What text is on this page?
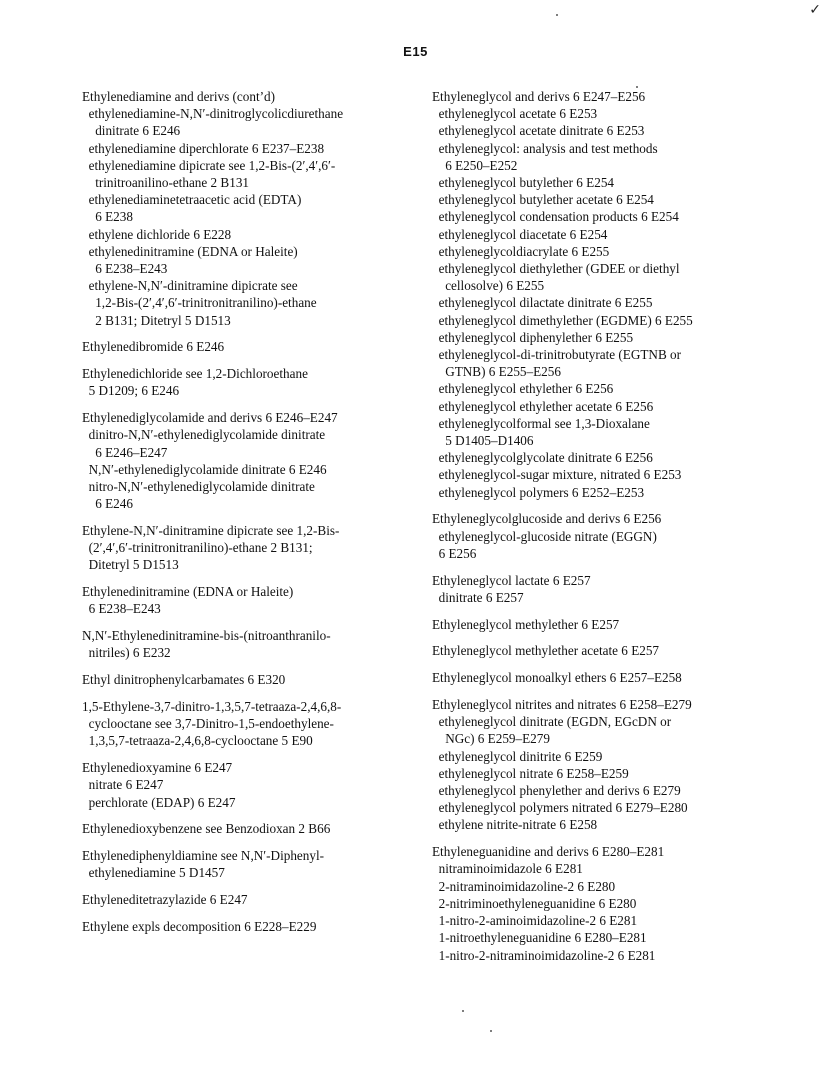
✓
E15
Ethylenediamine and derivs (cont’d)
ethylenediamine-N,N′-dinitroglycolicdiurethane
dinitrate 6 E246
ethylenediamine diperchlorate 6 E237–E238
ethylenediamine dipicrate see 1,2-Bis-(2′,4′,6′-
trinitroanilino-ethane 2 B131
ethylenediaminetetraacetic acid (EDTA)
6 E238
ethylene dichloride 6 E228
ethylenedinitramine (EDNA or Haleite)
6 E238–E243
ethylene-N,N′-dinitramine dipicrate see
1,2-Bis-(2′,4′,6′-trinitronitranilino)-ethane
2 B131; Ditetryl 5 D1513
Ethylenedibromide 6 E246
Ethylenedichloride see 1,2-Dichloroethane
5 D1209; 6 E246
Ethylenediglycolamide and derivs 6 E246–E247
dinitro-N,N′-ethylenediglycolamide dinitrate
6 E246–E247
N,N′-ethylenediglycolamide dinitrate 6 E246
nitro-N,N′-ethylenediglycolamide dinitrate
6 E246
Ethylene-N,N′-dinitramine dipicrate see 1,2-Bis-
(2′,4′,6′-trinitronitranilino)-ethane 2 B131;
Ditetryl 5 D1513
Ethylenedinitramine (EDNA or Haleite)
6 E238–E243
N,N′-Ethylenedinitramine-bis-(nitroanthranilo-
nitriles) 6 E232
Ethyl dinitrophenylcarbamates 6 E320
1,5-Ethylene-3,7-dinitro-1,3,5,7-tetraaza-2,4,6,8-
cyclooctane see 3,7-Dinitro-1,5-endoethylene-
1,3,5,7-tetraaza-2,4,6,8-cyclooctane 5 E90
Ethylenedioxyamine 6 E247
nitrate 6 E247
perchlorate (EDAP) 6 E247
Ethylenedioxybenzene see Benzodioxan 2 B66
Ethylenediphenyldiamine see N,N′-Diphenyl-
ethylenediamine 5 D1457
Ethyleneditetrazylazide 6 E247
Ethylene expls decomposition 6 E228–E229
Ethyleneglycol and derivs 6 E247–E256
ethyleneglycol acetate 6 E253
ethyleneglycol acetate dinitrate 6 E253
ethyleneglycol: analysis and test methods
6 E250–E252
ethyleneglycol butylether 6 E254
ethyleneglycol butylether acetate 6 E254
ethyleneglycol condensation products 6 E254
ethyleneglycol diacetate 6 E254
ethyleneglycoldiacrylate 6 E255
ethyleneglycol diethylether (GDEE or diethyl
cellosolve) 6 E255
ethyleneglycol dilactate dinitrate 6 E255
ethyleneglycol dimethylether (EGDME) 6 E255
ethyleneglycol diphenylether 6 E255
ethyleneglycol-di-trinitrobutyrate (EGTNB or
GTNB) 6 E255–E256
ethyleneglycol ethylether 6 E256
ethyleneglycol ethylether acetate 6 E256
ethyleneglycolformal see 1,3-Dioxalane
5 D1405–D1406
ethyleneglycolglycolate dinitrate 6 E256
ethyleneglycol-sugar mixture, nitrated 6 E253
ethyleneglycol polymers 6 E252–E253
Ethyleneglycolglucoside and derivs 6 E256
ethyleneglycol-glucoside nitrate (EGGN)
6 E256
Ethyleneglycol lactate 6 E257
dinitrate 6 E257
Ethyleneglycol methylether 6 E257
Ethyleneglycol methylether acetate 6 E257
Ethyleneglycol monoalkyl ethers 6 E257–E258
Ethyleneglycol nitrites and nitrates 6 E258–E279
ethyleneglycol dinitrate (EGDN, EGcDN or
NGc) 6 E259–E279
ethyleneglycol dinitrite 6 E259
ethyleneglycol nitrate 6 E258–E259
ethyleneglycol phenylether and derivs 6 E279
ethyleneglycol polymers nitrated 6 E279–E280
ethylene nitrite-nitrate 6 E258
Ethyleneguanidine and derivs 6 E280–E281
nitraminoimidazole 6 E281
2-nitraminoimidazoline-2 6 E280
2-nitriminoethyleneguanidine 6 E280
1-nitro-2-aminoimidazoline-2 6 E281
1-nitroethyleneguanidine 6 E280–E281
1-nitro-2-nitraminoimidazoline-2 6 E281
